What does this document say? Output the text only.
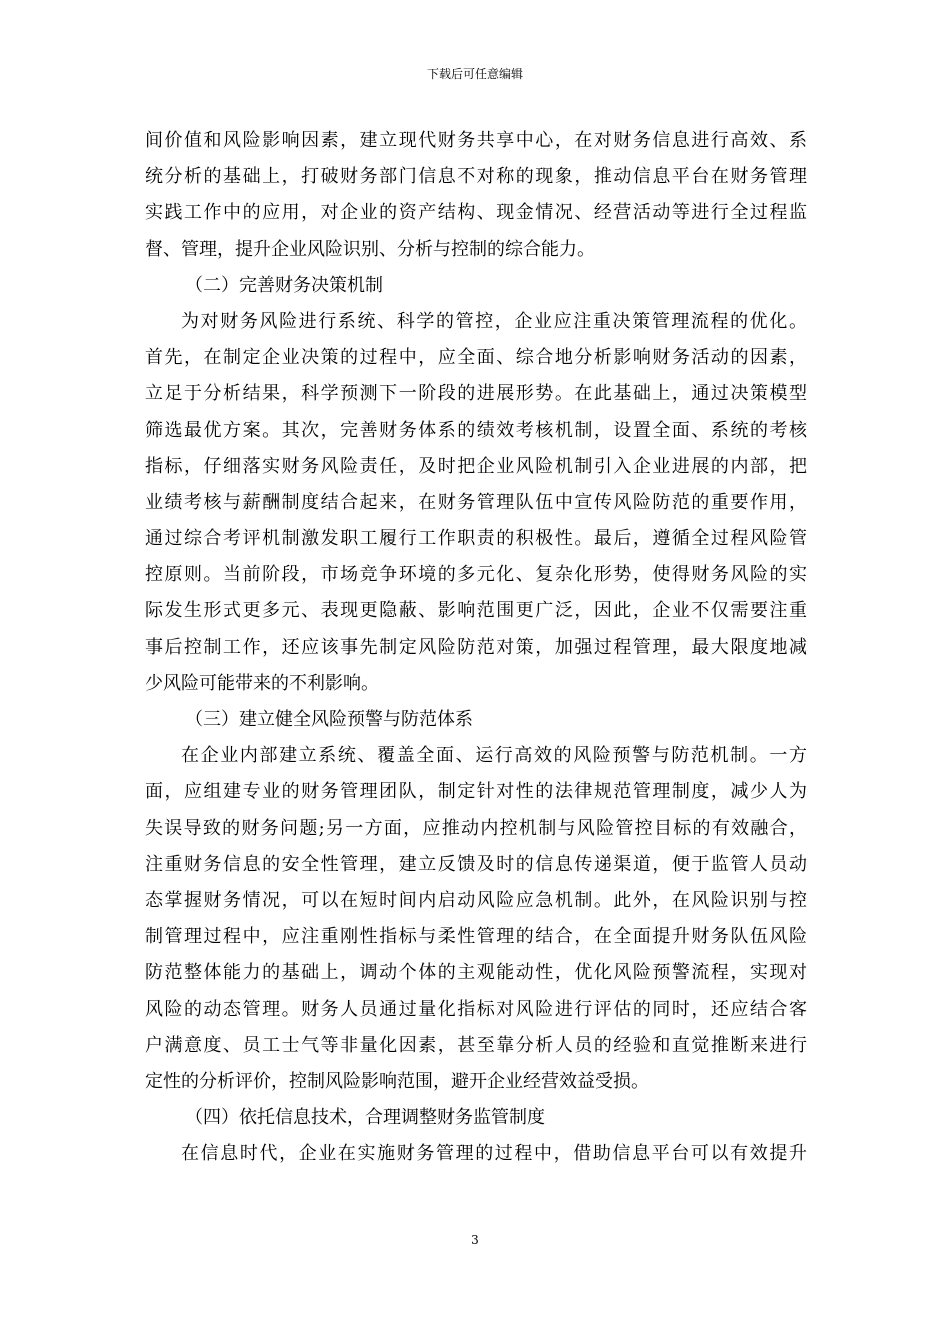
下载后可任意编辑
间价值和风险影响因素，建立现代财务共享中心，在对财务信息进行高效、系
统分析的基础上，打破财务部门信息不对称的现象，推动信息平台在财务管理
实践工作中的应用，对企业的资产结构、现金情况、经营活动等进行全过程监
督、管理，提升企业风险识别、分析与控制的综合能力。
（二）完善财务决策机制
为对财务风险进行系统、科学的管控，企业应注重决策管理流程的优化。
首先，在制定企业决策的过程中，应全面、综合地分析影响财务活动的因素，
立足于分析结果，科学预测下一阶段的进展形势。在此基础上，通过决策模型
筛选最优方案。其次，完善财务体系的绩效考核机制，设置全面、系统的考核
指标，仔细落实财务风险责任，及时把企业风险机制引入企业进展的内部，把
业绩考核与薪酬制度结合起来，在财务管理队伍中宣传风险防范的重要作用，
通过综合考评机制激发职工履行工作职责的积极性。最后，遵循全过程风险管
控原则。当前阶段，市场竞争环境的多元化、复杂化形势，使得财务风险的实
际发生形式更多元、表现更隐蔽、影响范围更广泛，因此，企业不仅需要注重
事后控制工作，还应该事先制定风险防范对策，加强过程管理，最大限度地减
少风险可能带来的不利影响。
（三）建立健全风险预警与防范体系
在企业内部建立系统、覆盖全面、运行高效的风险预警与防范机制。一方
面，应组建专业的财务管理团队，制定针对性的法律规范管理制度，减少人为
失误导致的财务问题;另一方面，应推动内控机制与风险管控目标的有效融合，
注重财务信息的安全性管理，建立反馈及时的信息传递渠道，便于监管人员动
态掌握财务情况，可以在短时间内启动风险应急机制。此外，在风险识别与控
制管理过程中，应注重刚性指标与柔性管理的结合，在全面提升财务队伍风险
防范整体能力的基础上，调动个体的主观能动性，优化风险预警流程，实现对
风险的动态管理。财务人员通过量化指标对风险进行评估的同时，还应结合客
户满意度、员工士气等非量化因素，甚至靠分析人员的经验和直觉推断来进行
定性的分析评价，控制风险影响范围，避开企业经营效益受损。
（四）依托信息技术，合理调整财务监管制度
在信息时代，企业在实施财务管理的过程中，借助信息平台可以有效提升
3
